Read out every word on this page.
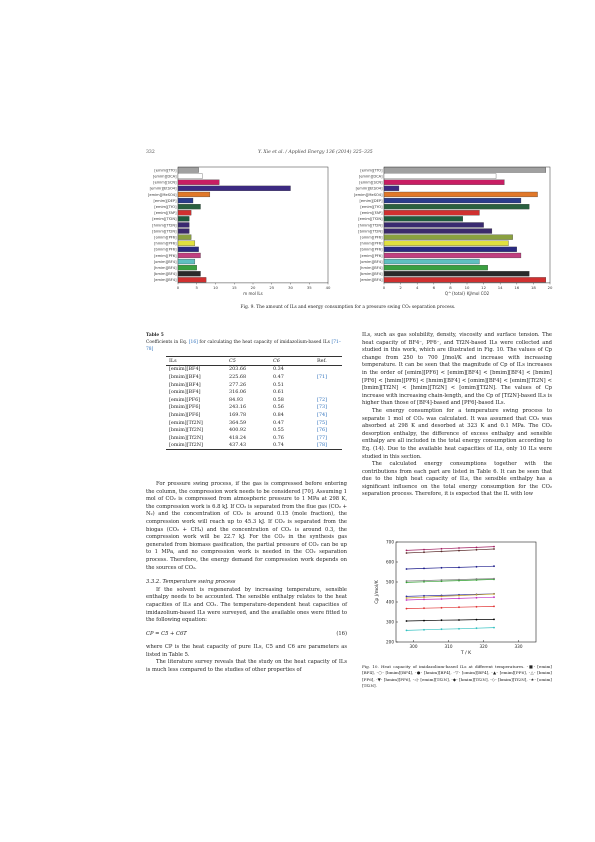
332	Y. Xie et al. / Applied Energy 136 (2014) 325–335
[emim][TfO]
[emim][DCA]
[emim][SCN]
[emim][EtSO4]
[emim][MeSO4]
[emim][DEP]
[emim][TfO]
[emim][FAP]
[emim][Tf2N]
[hmim][Tf2N]
[bmim][Tf2N]
[omim][PF6]
[hmim][PF6]
[bmim][PF6]
[emim][PF6]
[omim][BF4]
[hmim][BF4]
[bmim][BF4]
[emim][BF4]
0	5	10	15	20	25	30	35	40
m mol ILs
[emim][TfO]
[emim][DCA]
[emim][SCN]
[emim][EtSO4]
[emim][MeSO4]
[emim][DEP]
[emim][TfO]
[emim][FAP]
[emim][Tf2N]
[hmim][Tf2N]
[bmim][Tf2N]
[omim][PF6]
[hmim][PF6]
[bmim][PF6]
[emim][PF6]
[omim][BF4]
[hmim][BF4]
[bmim][BF4]
[emim][BF4]
0	2	4	6	8	10	12	14	16	18	20
Q^{total} KJ/mol CO2
Fig. 9. The amount of ILs and energy consumption for a pressure swing CO₂ separation process.
Table 5
Coefficients in Eq. [16] for calculating the heat capacity of imidazolium-based ILs [71–78]
ILs	C5	C6	Ref.
[emim][BF4]	203.66	0.34	
[bmim][BF4]	225.68	0.47	[71]
[hmim][BF4]	277.26	0.51	
[omim][BF4]	316.06	0.61	
[emim][PF6]	84.93	0.58	[72]
[bmim][PF6]	243.16	0.56	[73]
[hmim][PF6]	169.78	0.84	[74]
[emim][Tf2N]	364.59	0.47	[75]
[bmim][Tf2N]	400.92	0.55	[76]
[hmim][Tf2N]	418.24	0.76	[77]
[omim][Tf2N]	437.43	0.74	[78]
For pressure swing process, if the gas is compressed before entering the column, the compression work needs to be considered [70]. Assuming 1 mol of CO₂ is compressed from atmospheric pressure to 1 MPa at 298 K, the compression work is 6.8 kJ. If CO₂ is separated from the flue gas (CO₂ + N₂) and the concentration of CO₂ is around 0.15 (mole fraction), the compression work will reach up to 45.3 kJ. If CO₂ is separated from the biogas (CO₂ + CH₄) and the concentration of CO₂ is around 0.3, the compression work will be 22.7 kJ. For the CO₂ in the synthesis gas generated from biomass gasification, the partial pressure of CO₂ can be up to 1 MPa, and no compression work is needed in the CO₂ separation process. Therefore, the energy demand for compression work depends on the sources of CO₂.
3.3.2. Temperature swing process
If the solvent is regenerated by increasing temperature, sensible enthalpy needs to be accounted. The sensible enthalpy relates to the heat capacities of ILs and CO₂. The temperature-dependent heat capacities of imidazolium-based ILs were surveyed, and the available ones were fitted to the following equation:
CP = C5 + C6T	(16)
where CP is the heat capacity of pure ILs, C5 and C6 are parameters as listed in Table 5.
The literature survey reveals that the study on the heat capacity of ILs is much less compared to the studies of other properties of
ILs, such as gas solubility, density, viscosity and surface tension. The heat capacity of BF4⁻, PF6⁻, and Tf2N-based ILs were collected and studied in this work, which are illustrated in Fig. 10. The values of Cp change from 250 to 700 J/mol/K and increase with increasing temperature. It can be seen that the magnitude of Cp of ILs increases in the order of [emim][PF6] < [emim][BF4] < [bmim][BF4] < [bmim][PF6] < [hmim][PF6] < [hmim][BF4] < [omim][BF4] < [emim][Tf2N] < [bmim][Tf2N] < [hmim][Tf2N] < [omim][Tf2N]. The values of Cp increase with increasing chain-length, and the Cp of [Tf2N]-based ILs is higher than those of [BF4]-based and [PF6]-based ILs.
The energy consumption for a temperature swing process to separate 1 mol of CO₂ was calculated. It was assumed that CO₂ was absorbed at 298 K and desorbed at 323 K and 0.1 MPa. The CO₂ desorption enthalpy, the difference of excess enthalpy and sensible enthalpy are all included in the total energy consumption according to Eq. (14). Due to the available heat capacities of ILs, only 10 ILs were studied in this section.
The calculated energy consumptions together with the contributions from each part are listed in Table 6. It can be seen that due to the high heat capacity of ILs, the sensible enthalpy has a significant influence on the total energy consumption for the CO₂ separation process. Therefore, it is expected that the IL with low
200
300
400
500
600
700
300	310	320	330
T / K
Cp J/mol/K
Fig. 10. Heat capacity of imidazolium-based ILs at different temperatures. -■- [emim][BF4], -○- [bmim][BF4], -●- [hmim][BF4], -▽- [omim][BF4], -▲- [emim][PF6], -△- [bmim][PF6], -▼- [hmim][PF6], -◁- [emim][Tf2N], -◆- [hmim][Tf2N], -◇- [bmim][Tf2N], -★- [omim][Tf2N].
